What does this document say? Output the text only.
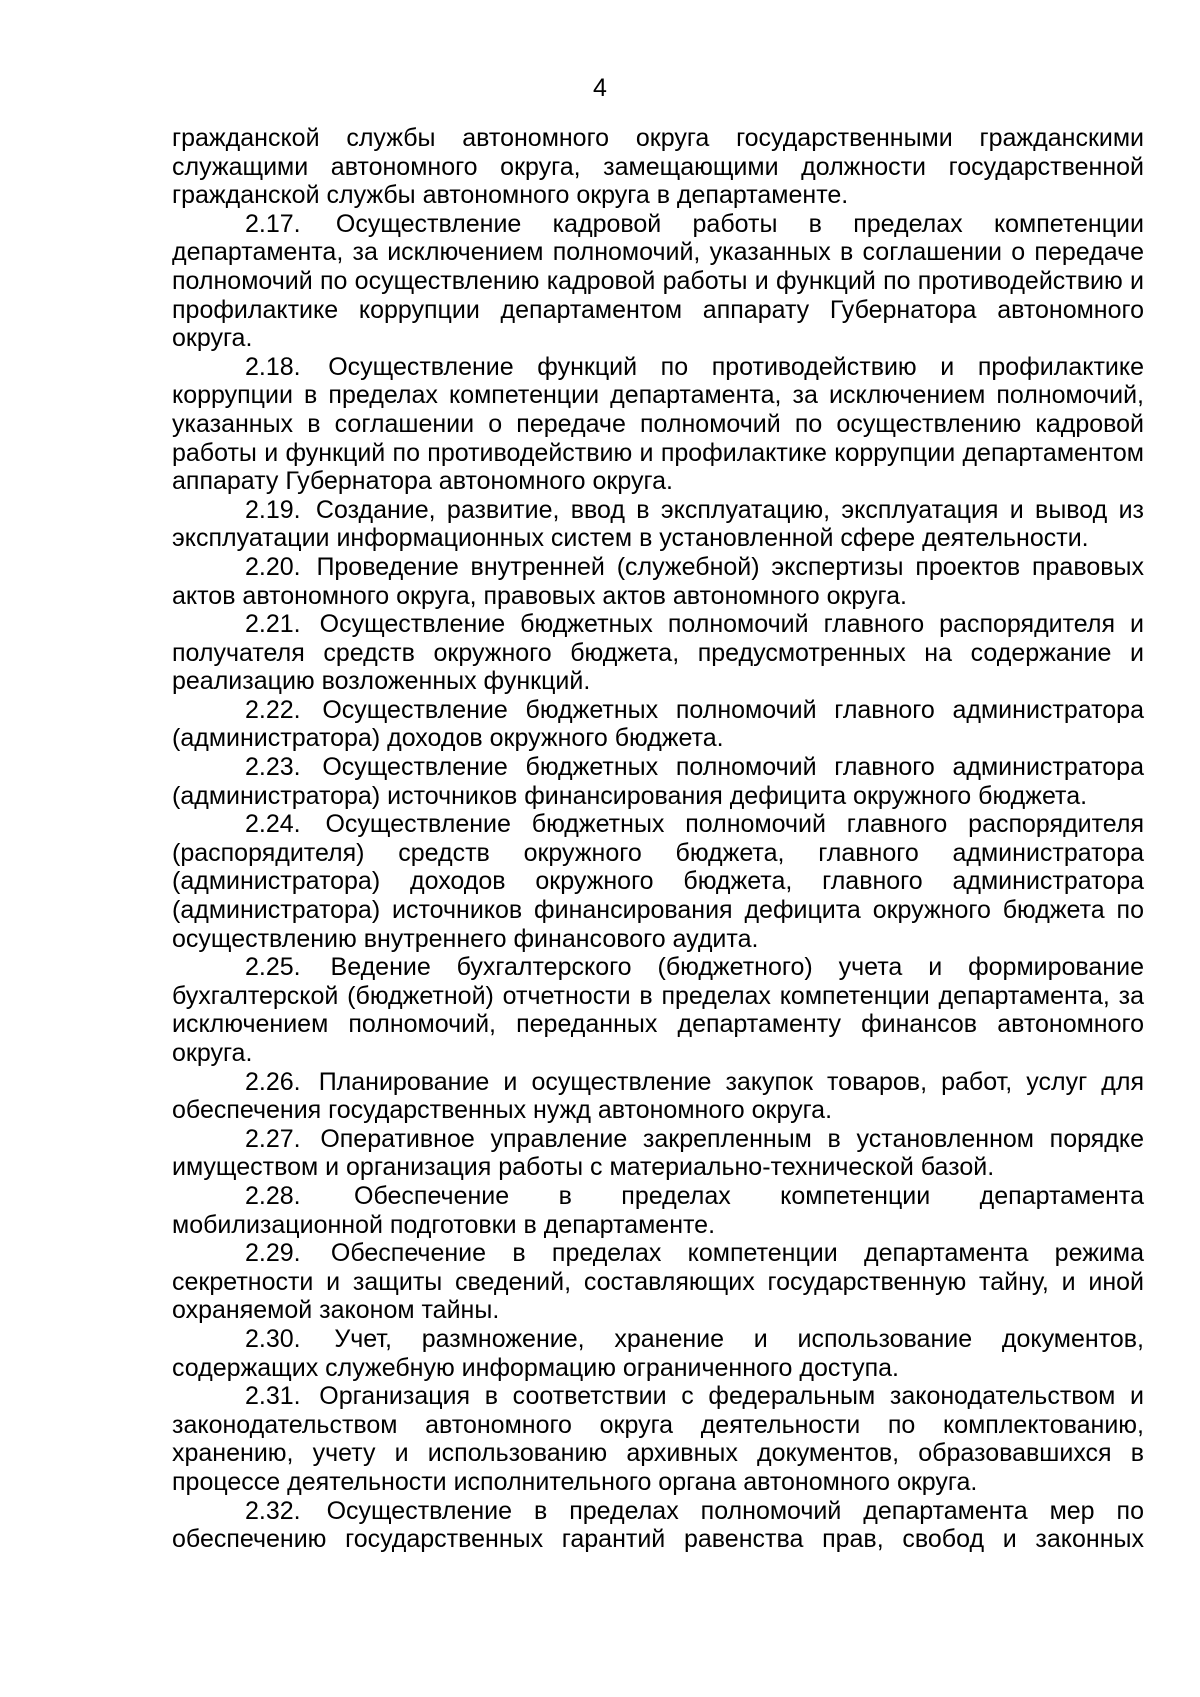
4

гражданской службы автономного округа государственными гражданскими служащими автономного округа, замещающими должности государственной гражданской службы автономного округа в департаменте.

2.17. Осуществление кадровой работы в пределах компетенции департамента, за исключением полномочий, указанных в соглашении о передаче полномочий по осуществлению кадровой работы и функций по противодействию и профилактике коррупции департаментом аппарату Губернатора автономного округа.

2.18. Осуществление функций по противодействию и профилактике коррупции в пределах компетенции департамента, за исключением полномочий, указанных в соглашении о передаче полномочий по осуществлению кадровой работы и функций по противодействию и профилактике коррупции департаментом аппарату Губернатора автономного округа.

2.19. Создание, развитие, ввод в эксплуатацию, эксплуатация и вывод из эксплуатации информационных систем в установленной сфере деятельности.

2.20. Проведение внутренней (служебной) экспертизы проектов правовых актов автономного округа, правовых актов автономного округа.

2.21. Осуществление бюджетных полномочий главного распорядителя и получателя средств окружного бюджета, предусмотренных на содержание и реализацию возложенных функций.

2.22. Осуществление бюджетных полномочий главного администратора (администратора) доходов окружного бюджета.

2.23. Осуществление бюджетных полномочий главного администратора (администратора) источников финансирования дефицита окружного бюджета.

2.24. Осуществление бюджетных полномочий главного распорядителя (распорядителя) средств окружного бюджета, главного администратора (администратора) доходов окружного бюджета, главного администратора (администратора) источников финансирования дефицита окружного бюджета по осуществлению внутреннего финансового аудита.

2.25. Ведение бухгалтерского (бюджетного) учета и формирование бухгалтерской (бюджетной) отчетности в пределах компетенции департамента, за исключением полномочий, переданных департаменту финансов автономного округа.

2.26. Планирование и осуществление закупок товаров, работ, услуг для обеспечения государственных нужд автономного округа.

2.27. Оперативное управление закрепленным в установленном порядке имуществом и организация работы с материально-технической базой.

2.28. Обеспечение в пределах компетенции департамента мобилизационной подготовки в департаменте.

2.29. Обеспечение в пределах компетенции департамента режима секретности и защиты сведений, составляющих государственную тайну, и иной охраняемой законом тайны.

2.30. Учет, размножение, хранение и использование документов, содержащих служебную информацию ограниченного доступа.

2.31. Организация в соответствии с федеральным законодательством и законодательством автономного округа деятельности по комплектованию, хранению, учету и использованию архивных документов, образовавшихся в процессе деятельности исполнительного органа автономного округа.

2.32. Осуществление в пределах полномочий департамента мер по обеспечению государственных гарантий равенства прав, свобод и законных
